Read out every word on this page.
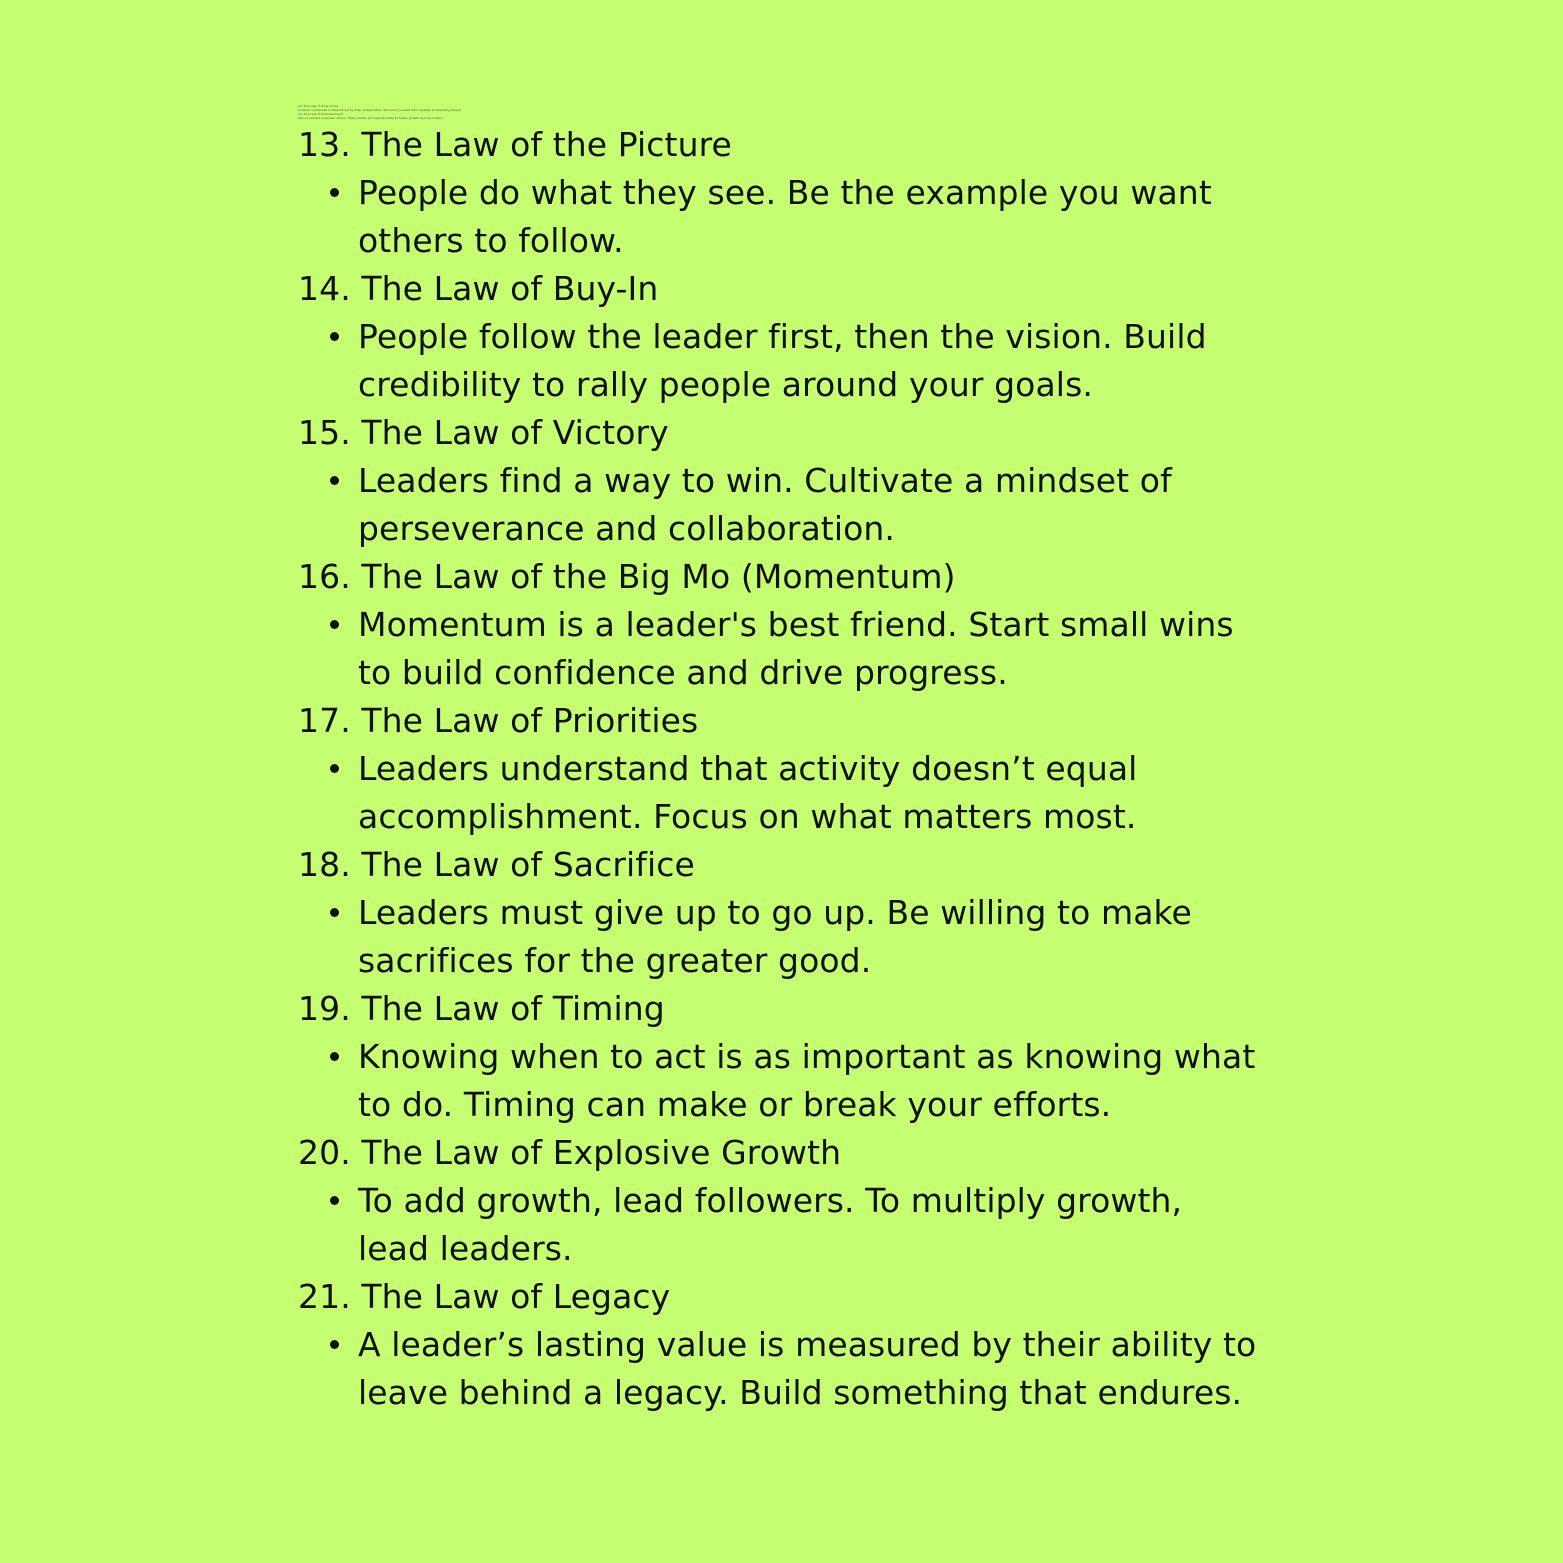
12. The Law of Inner Circle
A leader's potential is determined by their closest allies. Surround yourself with capable, trustworthy people.
12. The Law of Empowerment
Secure leaders empower others. Share power and opportunities to foster growth and innovation.
13. The Law of the Picture
People do what they see. Be the example you want others to follow.
14. The Law of Buy-In
People follow the leader first, then the vision. Build credibility to rally people around your goals.
15. The Law of Victory
Leaders find a way to win. Cultivate a mindset of perseverance and collaboration.
16. The Law of the Big Mo (Momentum)
Momentum is a leader's best friend. Start small wins to build confidence and drive progress.
17. The Law of Priorities
Leaders understand that activity doesn’t equal accomplishment. Focus on what matters most.
18. The Law of Sacrifice
Leaders must give up to go up. Be willing to make sacrifices for the greater good.
19. The Law of Timing
Knowing when to act is as important as knowing what to do. Timing can make or break your efforts.
20. The Law of Explosive Growth
To add growth, lead followers. To multiply growth, lead leaders.
21. The Law of Legacy
A leader’s lasting value is measured by their ability to leave behind a legacy. Build something that endures.
